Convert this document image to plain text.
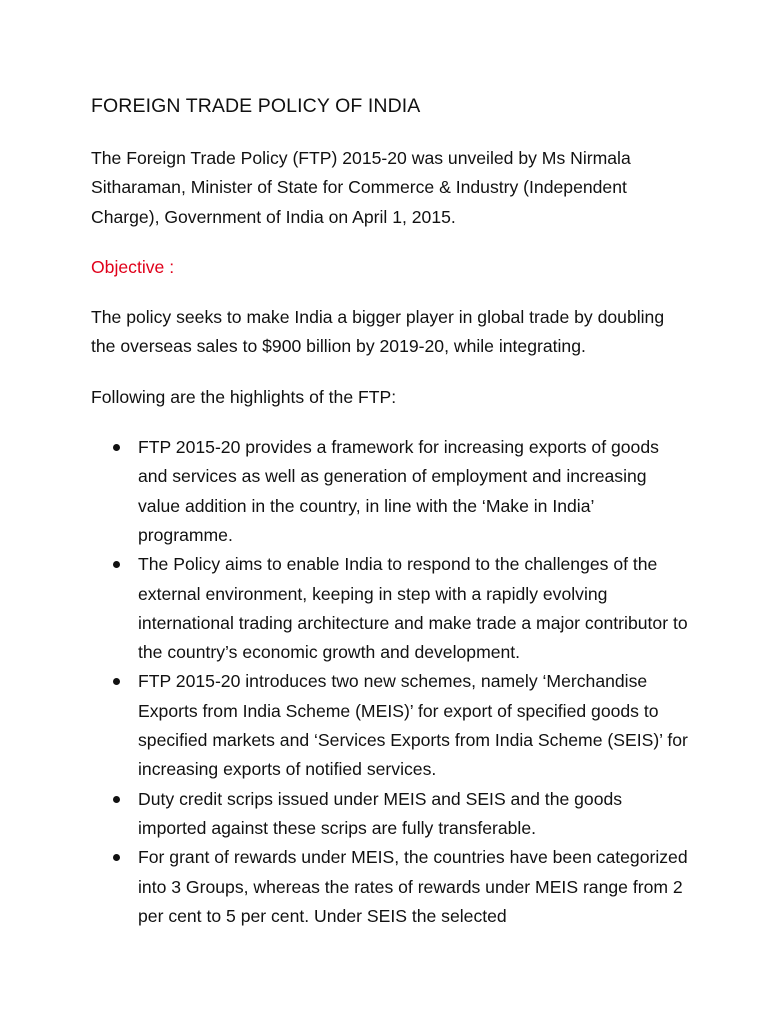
FOREIGN TRADE POLICY OF INDIA

The Foreign Trade Policy (FTP) 2015-20 was unveiled by Ms Nirmala Sitharaman, Minister of State for Commerce & Industry (Independent Charge), Government of India on April 1, 2015.

Objective :

The policy seeks to make India a bigger player in global trade by doubling the overseas sales to $900 billion by 2019-20, while integrating.

Following are the highlights of the FTP:

FTP 2015-20 provides a framework for increasing exports of goods and services as well as generation of employment and increasing value addition in the country, in line with the ‘Make in India’ programme.
The Policy aims to enable India to respond to the challenges of the external environment, keeping in step with a rapidly evolving international trading architecture and make trade a major contributor to the country’s economic growth and development.
FTP 2015-20 introduces two new schemes, namely ‘Merchandise Exports from India Scheme (MEIS)’ for export of specified goods to specified markets and ‘Services Exports from India Scheme (SEIS)’ for increasing exports of notified services.
Duty credit scrips issued under MEIS and SEIS and the goods imported against these scrips are fully transferable.
For grant of rewards under MEIS, the countries have been categorized into 3 Groups, whereas the rates of rewards under MEIS range from 2 per cent to 5 per cent. Under SEIS the selected
